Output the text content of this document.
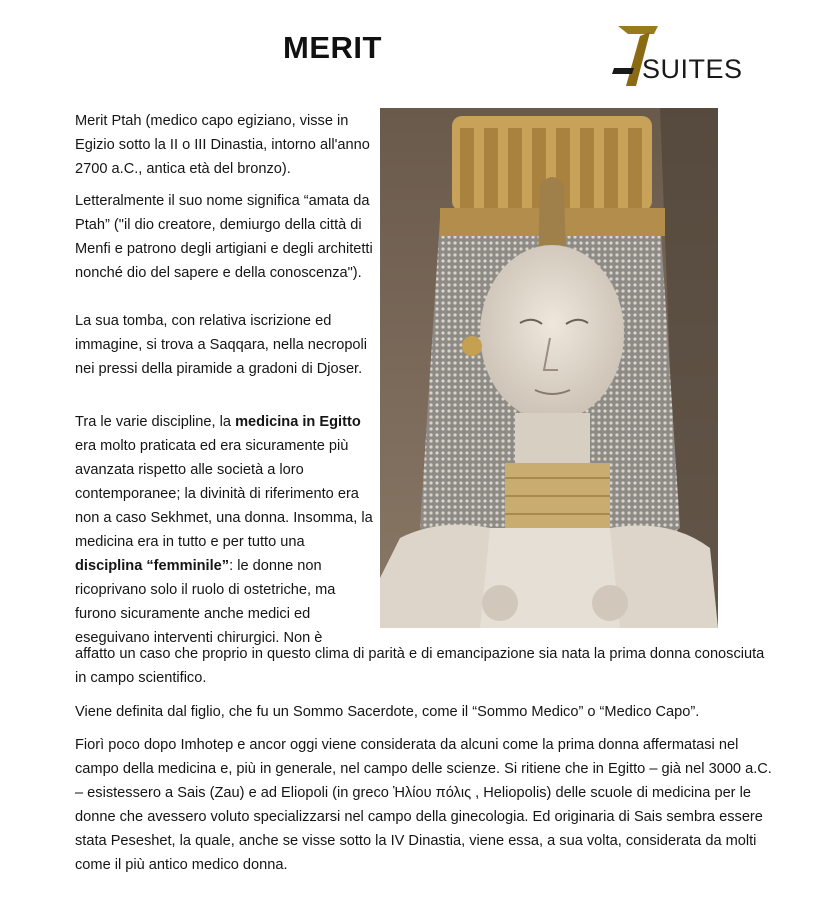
MERIT
SUITES

Merit Ptah (medico capo egiziano, visse in Egizio sotto la II o III Dinastia, intorno all'anno 2700 a.C., antica età del bronzo).

Letteralmente il suo nome significa “amata da Ptah” ("il dio creatore, demiurgo della città di Menfi e patrono degli artigiani e degli architetti nonché dio del sapere e della conoscenza").

La sua tomba, con relativa iscrizione ed immagine, si trova a Saqqara, nella necropoli nei pressi della piramide a gradoni di Djoser.

Tra le varie discipline, la medicina in Egitto era molto praticata ed era sicuramente più avanzata rispetto alle società a loro contemporanee; la divinità di riferimento era non a caso Sekhmet, una donna. Insomma, la medicina era in tutto e per tutto una disciplina “femminile”: le donne non ricoprivano solo il ruolo di ostetriche, ma furono sicuramente anche medici ed eseguivano interventi chirurgici. Non è

affatto un caso che proprio in questo clima di parità e di emancipazione sia nata la prima donna conosciuta in campo scientifico.

Viene definita dal figlio, che fu un Sommo Sacerdote, come il “Sommo Medico” o “Medico Capo”.

Fiorì poco dopo Imhotep e ancor oggi viene considerata da alcuni come la prima donna affermatasi nel campo della medicina e, più in generale, nel campo delle scienze. Si ritiene che in Egitto – già nel 3000 a.C. – esistessero a Sais (Zau) e ad Eliopoli (in greco Ἡλίου πόλις , Heliopolis) delle scuole di medicina per le donne che avessero voluto specializzarsi nel campo della ginecologia. Ed originaria di Sais sembra essere stata Peseshet, la quale, anche se visse sotto la IV Dinastia, viene essa, a sua volta, considerata da molti come il più antico medico donna.
